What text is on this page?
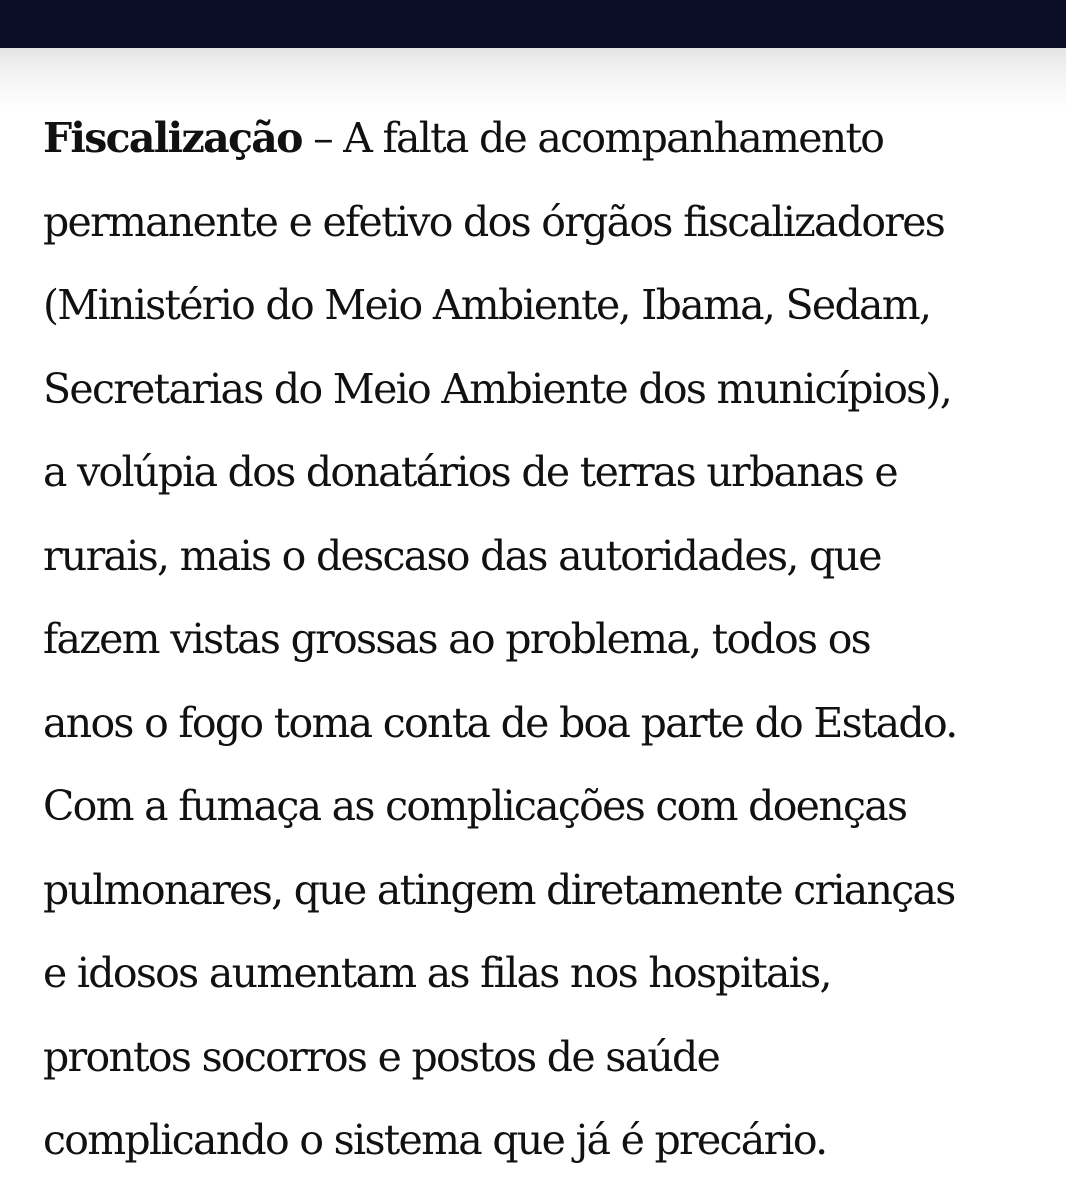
Fiscalização – A falta de acompanhamento
permanente e efetivo dos órgãos fiscalizadores
(Ministério do Meio Ambiente, Ibama, Sedam,
Secretarias do Meio Ambiente dos municípios),
a volúpia dos donatários de terras urbanas e
rurais, mais o descaso das autoridades, que
fazem vistas grossas ao problema, todos os
anos o fogo toma conta de boa parte do Estado.
Com a fumaça as complicações com doenças
pulmonares, que atingem diretamente crianças
e idosos aumentam as filas nos hospitais,
prontos socorros e postos de saúde
complicando o sistema que já é precário.
